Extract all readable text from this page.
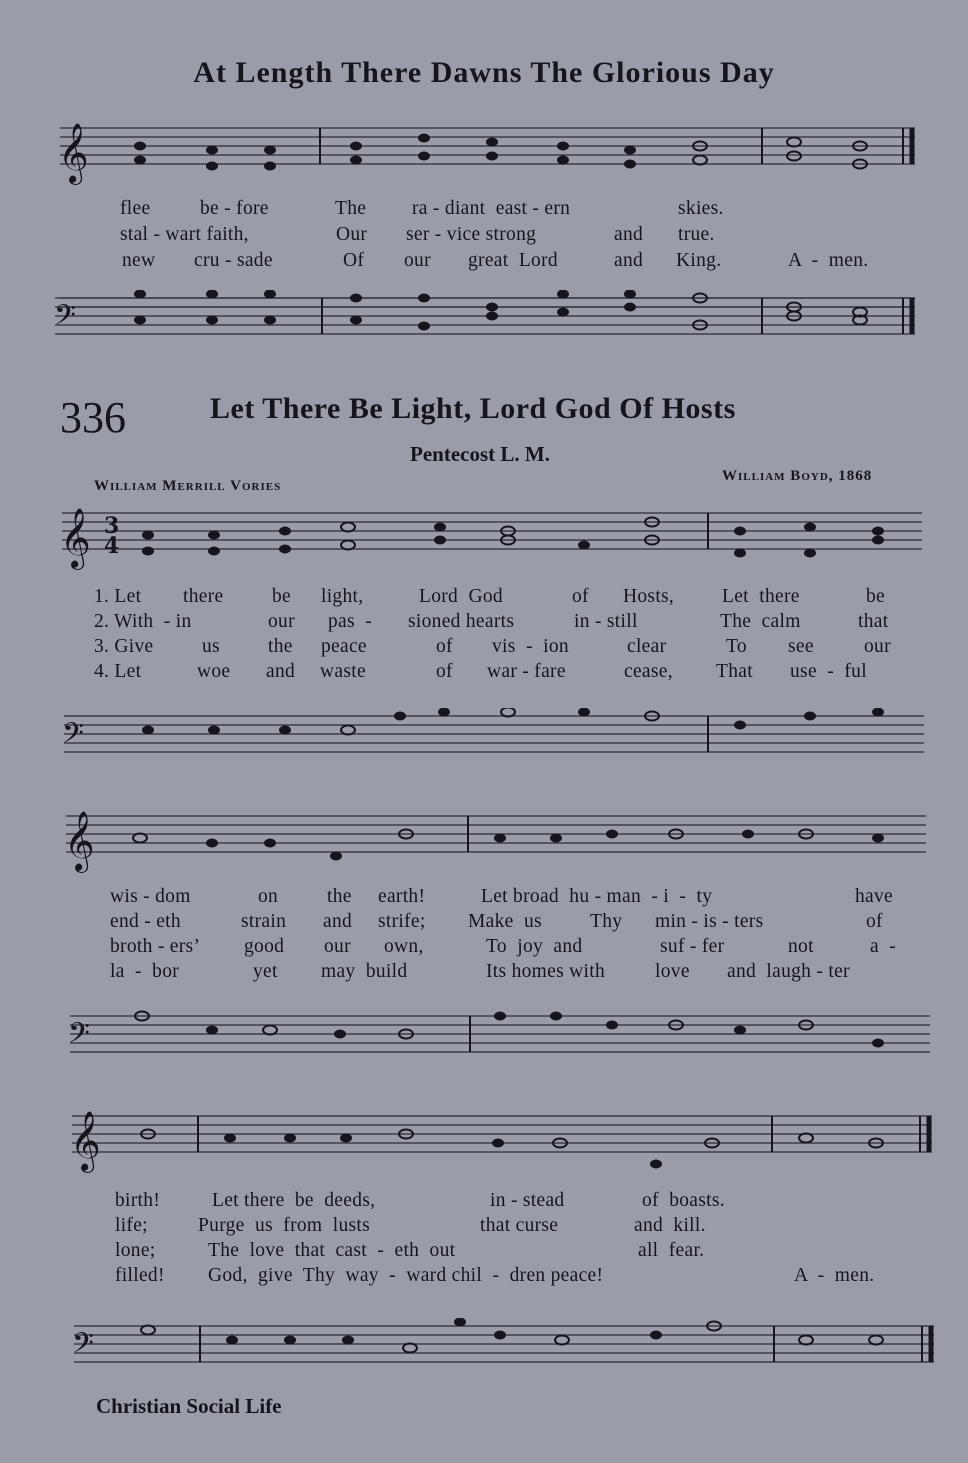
At Length There Dawns The Glorious Day
𝄞
flee	be - fore	The ra - diant  east - ern	skies.
stal - wart faith,	Our ser - vice strong	and true.
new cru - sade	Of our great  Lord	and King.	A  -  men.
𝄢
336	Let There Be Light, Lord God Of Hosts
Pentecost L. M.
William Merrill Vories
William Boyd, 1868
𝄞 3
4
1. Let there be light,	Lord  God	of Hosts, Let  there	be
2. With  - in	our pas  - sioned hearts	in - still	The  calm	that
3. Give us the peace	of vis  -  ion	clear	To see	our
4. Let	woe and waste	of war - fare	cease, That use  -  ful
𝄢
𝄞
wis - dom	on	the earth!	Let broad  hu - man  - i  -  ty	have
end - eth	strain and strife; Make  us Thy min - is - ters	of
broth - ers’ good our own,	To  joy  and	suf - fer	not	a  -
la  -  bor	yet may  build	Its homes with	love and  laugh - ter
𝄢
𝄞
birth!	Let there  be  deeds,	in - stead	of  boasts.
life;	Purge  us  from  lusts	that curse	and  kill.
lone;	The  love  that  cast  -  eth  out	all  fear.
filled! God,  give  Thy  way  -  ward chil  -  dren peace!	A  -  men.
𝄢
Christian Social Life
